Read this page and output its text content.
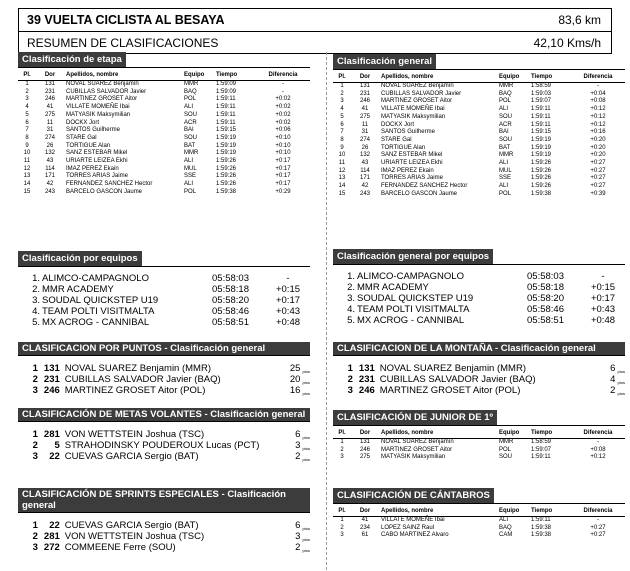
39 VUELTA CICLISTA AL BESAYA	83,6 km
RESUMEN DE CLASIFICACIONES	42,10 Kms/h
Clasificación de etapa
Pl.	Dor	Apellidos, nombre	Equipo	Tiempo	Diferencia
1	131	NOVAL SUAREZ Benjamín	MMR	1:59:09	-
2	231	CUBILLAS SALVADOR Javier	BAQ	1:59:09	-
3	246	MARTINEZ GROSET Aitor	POL	1:59:11	+0:02
4	41	VILLATE MOMEÑE Ibai	ALI	1:59:11	+0:02
5	275	MATYASIK Maksymilian	SOU	1:59:11	+0:02
6	11	DOCKX Jort	ACR	1:59:11	+0:02
7	31	SANTOS Guilherme	BAI	1:59:15	+0:06
8	274	STARE Gal	SOU	1:59:19	+0:10
9	26	TORTIGUE Alan	BAT	1:59:19	+0:10
10	132	SANZ ESTEBAR Mikel	MMR	1:59:19	+0:10
11	43	URIARTE LEIZEA Ekhi	ALI	1:59:26	+0:17
12	114	IMAZ PEREZ Ekain	MUL	1:59:26	+0:17
13	171	TORRES ARIAS Jaime	SSE	1:59:26	+0:17
14	42	FERNANDEZ SANCHEZ Hector	ALI	1:59:26	+0:17
15	243	BARCELO GASCON Jaume	POL	1:59:38	+0:29
Clasificación por equipos
1. ALIMCO-CAMPAGNOLO	05:58:03	-
2. MMR ACADEMY	05:58:18	+0:15
3. SOUDAL QUICKSTEP U19	05:58:20	+0:17
4. TEAM POLTI VISITMALTA	05:58:46	+0:43
5. MX ACROG - CANNIBAL	05:58:51	+0:48
CLASIFICACION POR PUNTOS - Clasificación general
1 131 NOVAL SUAREZ Benjamin (MMR)	25 ptos
2 231 CUBILLAS SALVADOR Javier (BAQ)	20 ptos
3 246 MARTINEZ GROSET Aitor (POL)	16 ptos
CLASIFICACIÓN DE METAS VOLANTES - Clasificación general
1 281 VON WETTSTEIN Joshua (TSC)	6 ptos
2	5 STRAHODINSKY POUDEROUX Lucas (PCT)	3 ptos
3	22 CUEVAS GARCIA Sergio (BAT)	2 ptos
CLASIFICACIÓN DE SPRINTS ESPECIALES - Clasificación general
1	22 CUEVAS GARCIA Sergio (BAT)	6 ptos
2 281 VON WETTSTEIN Joshua (TSC)	3 ptos
3 272 COMMEENE Ferre (SOU)	2 ptos
Clasificación general
Pl.	Dor	Apellidos, nombre	Equipo	Tiempo	Diferencia
1	131	NOVAL SUAREZ Benjamín	MMR	1:58:59	-
2	231	CUBILLAS SALVADOR Javier	BAQ	1:59:03	+0:04
3	246	MARTINEZ GROSET Aitor	POL	1:59:07	+0:08
4	41	VILLATE MOMEÑE Ibai	ALI	1:59:11	+0:12
5	275	MATYASIK Maksymilian	SOU	1:59:11	+0:12
6	11	DOCKX Jort	ACR	1:59:11	+0:12
7	31	SANTOS Guilherme	BAI	1:59:15	+0:16
8	274	STARE Gal	SOU	1:59:19	+0:20
9	26	TORTIGUE Alan	BAT	1:59:19	+0:20
10	132	SANZ ESTEBAR Mikel	MMR	1:59:19	+0:20
11	43	URIARTE LEIZEA Ekhi	ALI	1:59:26	+0:27
12	114	IMAZ PEREZ Ekain	MUL	1:59:26	+0:27
13	171	TORRES ARIAS Jaime	SSE	1:59:26	+0:27
14	42	FERNANDEZ SANCHEZ Hector	ALI	1:59:26	+0:27
15	243	BARCELO GASCON Jaume	POL	1:59:38	+0:39
Clasificación general por equipos
1. ALIMCO-CAMPAGNOLO	05:58:03	-
2. MMR ACADEMY	05:58:18	+0:15
3. SOUDAL QUICKSTEP U19	05:58:20	+0:17
4. TEAM POLTI VISITMALTA	05:58:46	+0:43
5. MX ACROG - CANNIBAL	05:58:51	+0:48
CLASIFICACION DE LA MONTAÑA - Clasificación general
1 131 NOVAL SUAREZ Benjamin (MMR)	6 ptos
2 231 CUBILLAS SALVADOR Javier (BAQ)	4 ptos
3 246 MARTINEZ GROSET Aitor (POL)	2 ptos
CLASIFICACIÓN DE JUNIOR DE 1º
Pl.	Dor	Apellidos, nombre	Equipo	Tiempo	Diferencia
1	131	NOVAL SUAREZ Benjamín	MMR	1:58:59	-
2	246	MARTINEZ GROSET Aitor	POL	1:59:07	+0:08
3	275	MATYASIK Maksymilian	SOU	1:59:11	+0:12
CLASIFICACIÓN DE CÁNTABROS
Pl.	Dor	Apellidos, nombre	Equipo	Tiempo	Diferencia
1	41	VILLATE MOMEÑE Ibai	ALI	1:59:11	-
2	234	LOPEZ SAINZ Raul	BAQ	1:59:38	+0:27
3	61	CABO MARTINEZ Alvaro	CAM	1:59:38	+0:27
